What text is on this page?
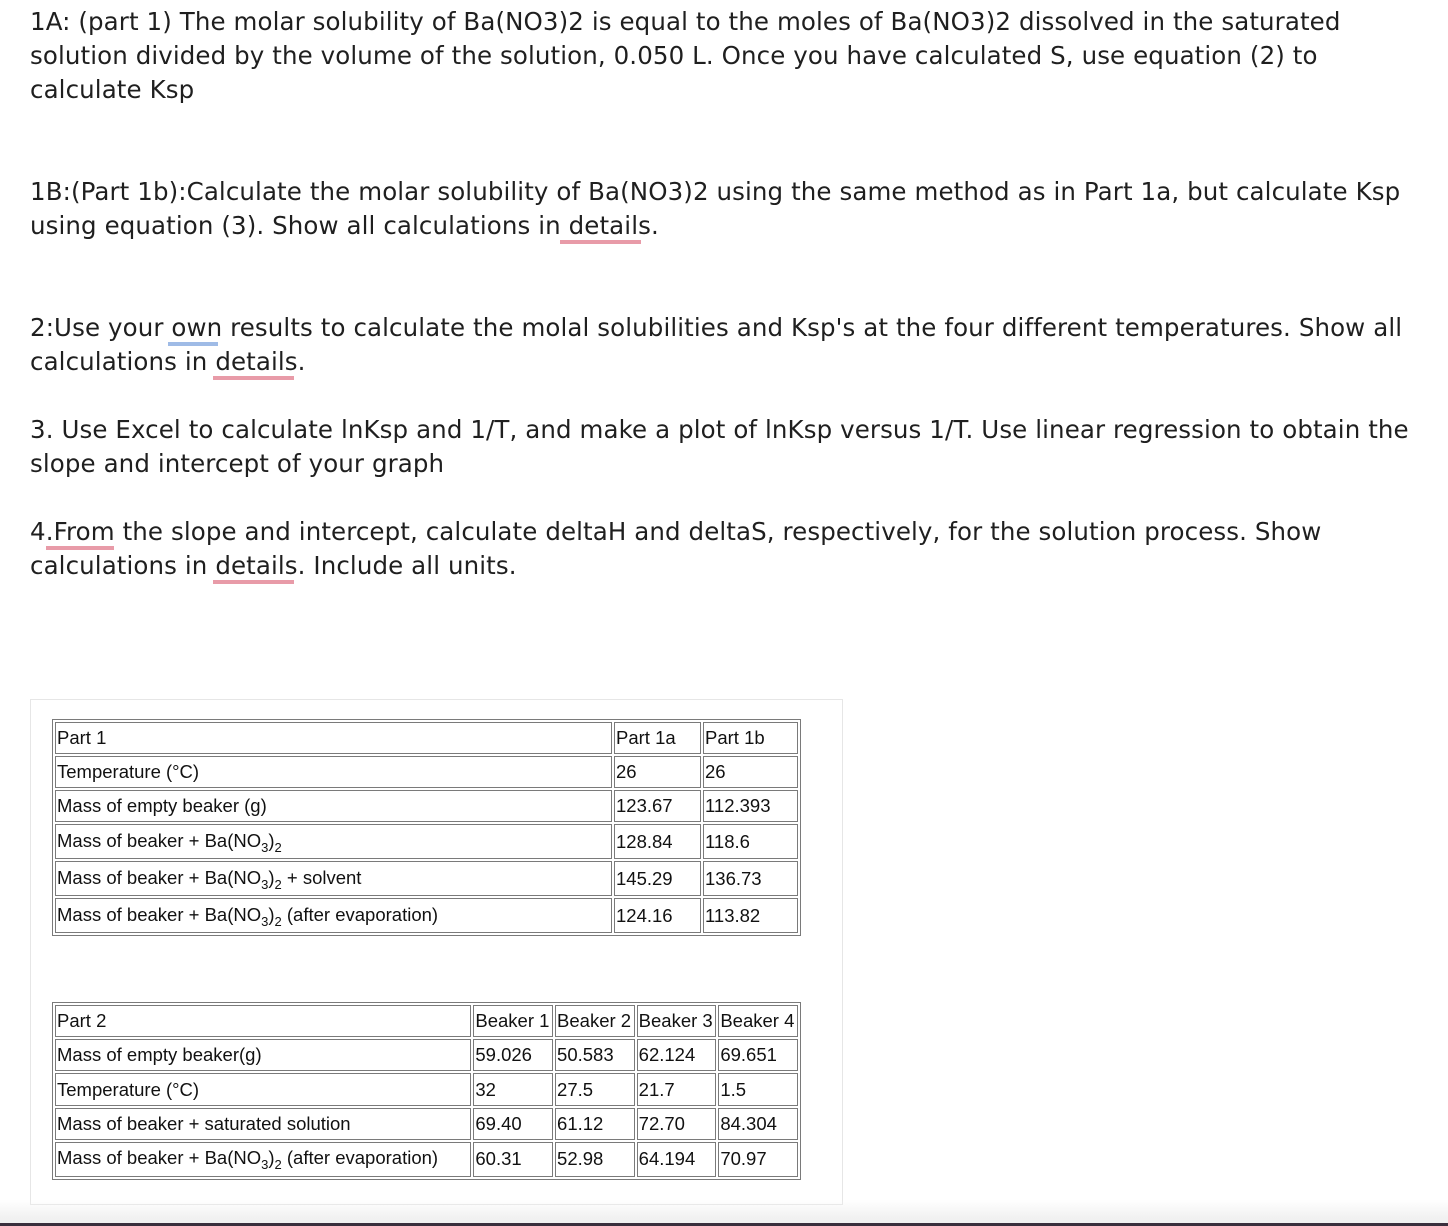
1A: (part 1) The molar solubility of Ba(NO3)2 is equal to the moles of Ba(NO3)2 dissolved in the saturated solution divided by the volume of the solution, 0.050 L. Once you have calculated S, use equation (2) to calculate Ksp

1B:(Part 1b):Calculate the molar solubility of Ba(NO3)2 using the same method as in Part 1a, but calculate Ksp using equation (3). Show all calculations in details.

2:Use your own results to calculate the molal solubilities and Ksp's at the four different temperatures. Show all calculations in details.

3. Use Excel to calculate lnKsp and 1/T, and make a plot of lnKsp versus 1/T. Use linear regression to obtain the slope and intercept of your graph

4.From the slope and intercept, calculate deltaH and deltaS, respectively, for the solution process. Show calculations in details. Include all units.

Part 1	Part 1a	Part 1b
Temperature (°C)	26	26
Mass of empty beaker (g)	123.67	112.393
Mass of beaker + $Ba(NO_3)_2$	128.84	118.6
Mass of beaker + $Ba(NO_3)_2$ + solvent	145.29	136.73
Mass of beaker + $Ba(NO_3)_2$ (after evaporation)	124.16	113.82
Part 2	Beaker 1	Beaker 2	Beaker 3	Beaker 4
Mass of empty beaker(g)	59.026	50.583	62.124	69.651
Temperature (°C)	32	27.5	21.7	1.5
Mass of beaker + saturated solution	69.40	61.12	72.70	84.304
Mass of beaker + $Ba(NO_3)_2$ (after evaporation)	60.31	52.98	64.194	70.97
